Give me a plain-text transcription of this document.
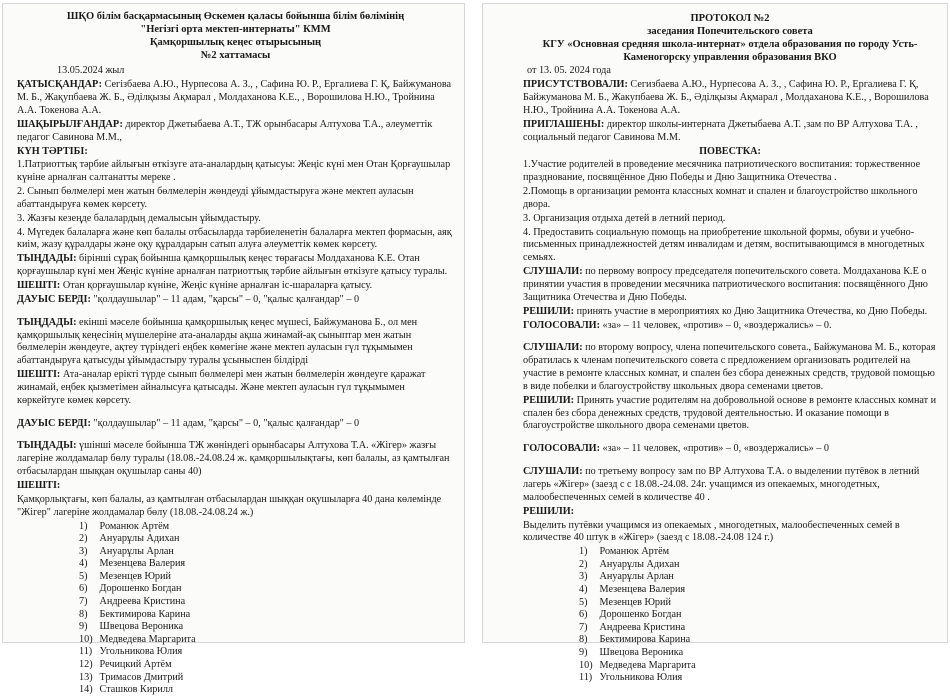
ШҚО білім басқармасының Өскемен қаласы бойынша білім бөлімінің
"Негізгі орта мектеп-интернаты" КММ
Қамқоршылық кеңес отырысының
№2 хаттамасы
13.05.2024 жыл

ҚАТЫСҚАНДАР: Сегізбаева А.Ю., Нурпесова А. З., , Сафина Ю. Р., Ергалиева Г. Қ, Байжуманова М. Б., Жақупбаева Ж. Б., Әділқызы Ақмарал , Молдаханова К.Е., , Ворошилова Н.Ю., Тройнина А.А. Токенова А.А.

ШАҚЫРЫЛҒАНДАР: директор Джетыбаева А.Т., ТЖ орынбасары Алтухова Т.А., әлеуметтік педагог Савинова М.М.,

КҮН ТӘРТІБІ:

1.Патриоттық тәрбие айлығын өткізуге ата-аналардың қатысуы: Жеңіс күні мен Отан Қорғаушылар күніне арналған салтанатты мереке .

2. Сынып бөлмелері мен жатын бөлмелерін жөндеуді ұйымдастыруға және мектеп ауласын абаттандыруға көмек көрсету.

3. Жазғы кезеңде балалардың демалысын ұйымдастыру.

4. Мүгедек балаларға және көп балалы отбасыларда тәрбиеленетін балаларға мектеп формасын, аяқ киім, жазу құралдары және оқу құралдарын сатып алуға әлеуметтік көмек көрсету.

ТЫҢДАДЫ: бірінші сұрақ бойынша қамқоршылық кеңес төрағасы Молдаханова К.Е. Отан қорғаушылар күні мен Жеңіс күніне арналған патриоттық тәрбие айлығын өткізуге қатысу туралы.

ШЕШТІ: Отан қорғаушылар күніне, Жеңіс күніне арналған іс-шараларға қатысу.

ДАУЫС БЕРДІ: "қолдаушылар" – 11 адам, "қарсы" – 0, "қалыс қалғандар" – 0

ТЫҢДАДЫ: екінші мәселе бойынша қамқоршылық кеңес мүшесі, Байжуманова Б., ол мен қамқоршылық кеңесінің мүшелеріне ата-аналарды ақша жинамай-ақ сыныптар мен жатын бөлмелерін жөндеуге, ақтеу түріндегі еңбек көмегіне және мектеп ауласын гүл тұқымымен абаттандыруға қатысуды ұйымдастыру туралы ұсыныспен білдірді

ШЕШТІ: Ата-аналар ерікті түрде сынып бөлмелері мен жатын бөлмелерін жөндеуге қаражат жинамай, еңбек қызметімен айналысуға қатысады. Және мектеп ауласын гүл тұқымымен көркейтуге көмек көрсету.

ДАУЫС БЕРДІ: "қолдаушылар" – 11 адам, "қарсы" – 0, "қалыс қалғандар" – 0

ТЫҢДАДЫ: үшінші мәселе бойынша ТЖ жөніндегі орынбасары Алтухова Т.А. «Жігер» жазғы лагеріне жолдамалар бөлу туралы (18.08.-24.08.24 ж. қамқоршылықтағы, көп балалы, аз қамтылған отбасылардан шыққан оқушылар саны 40)

ШЕШТІ:

Қамқорлықтағы, көп балалы, аз қамтылған отбасылардан шыққан оқушыларға 40 дана көлемінде "Жігер" лагеріне жолдамалар бөлу (18.08.-24.08.24 ж.)

1) Романюк Артём
2) Ануарұлы Адихан
3) Ануарұлы Арлан
4) Мезенцева Валерия
5) Мезенцев Юрий
6) Дорошенко Богдан
7) Андреева Кристина
8) Бектимирова Карина
9) Швецова Вероника
10) Медведева Маргарита
11) Угольникова Юлия
12) Речицкий Артём
13) Тримасов Дмитрий
14) Сташков Кирилл
ПРОТОКОЛ №2
заседания Попечительского совета
КГУ «Основная средняя школа-интернат» отдела образования по городу Усть-Каменогорску управления образования ВКО
от 13. 05. 2024 года

ПРИСУТСТВОВАЛИ: Сегизбаева А.Ю., Нурпесова А. З., , Сафина Ю. Р., Ергалиева Г. Қ, Байжуманова М. Б., Жакупбаева Ж. Б., Әділқызы Ақмарал , Молдаханова К.Е., , Ворошилова Н.Ю., Тройнина А.А. Токенова А.А.

ПРИГЛАШЕНЫ: директор школы-интерната Джетыбаева А.Т. ,зам по ВР Алтухова Т.А. , социальный педагог Савинова М.М.

ПОВЕСТКА:

1.Участие родителей в проведение месячника патриотического воспитания: торжественное празднование, посвящённое Дню Победы и Дню Защитника Отечества .

2.Помощь в организации ремонта классных комнат и спален и благоустройство школьного двора.

3. Организация отдыха детей в летний период.

4. Предоставить социальную помощь на приобретение школьной формы, обуви и учебно-письменных принадлежностей детям инвалидам и детям, воспитывающимся в многодетных семьях.

СЛУШАЛИ: по первому вопросу председателя попечительского совета. Молдаханова К.Е о принятии участия в проведении месячника патриотического воспитания: посвящённого Дню Защитника Отечества и Дню Победы.

РЕШИЛИ: принять участие в мероприятиях ко Дню Защитника Отечества, ко Дню Победы.

ГОЛОСОВАЛИ: «за» – 11 человек, «против» – 0, «воздержались» – 0.

СЛУШАЛИ: по второму вопросу, члена попечительского совета., Байжуманова М. Б., которая обратилась к членам попечительского совета с предложением организовать родителей на участие в ремонте классных комнат, и спален без сбора денежных средств, трудовой помощью в виде побелки и благоустройству школьных двора семенами цветов.

РЕШИЛИ: Принять участие родителям на добровольной основе в ремонте классных комнат и спален без сбора денежных средств, трудовой деятельностью. И оказание помощи в благоустройстве школьного двора семенами цветов.

ГОЛОСОВАЛИ: «за» – 11 человек, «против» – 0, «воздержались» – 0

СЛУШАЛИ: по третьему вопросу зам по ВР Алтухова Т.А. о выделении путёвок в летний лагерь «Жігер» (заезд с с 18.08.-24.08. 24г. учащимся из опекаемых, многодетных, малообеспеченных семей в количестве 40 .

РЕШИЛИ:

Выделить путёвки учащимся из опекаемых , многодетных, малообеспеченных семей в количестве 40 штук в «Жігер» (заезд с 18.08.-24.08 124 г.)

1) Романюк Артём
2) Ануарұлы Адихан
3) Ануарұлы Арлан
4) Мезенцева Валерия
5) Мезенцев Юрий
6) Дорошенко Богдан
7) Андреева Кристина
8) Бектимирова Карина
9) Швецова Вероника
10) Медведева Маргарита
11) Угольникова Юлия
